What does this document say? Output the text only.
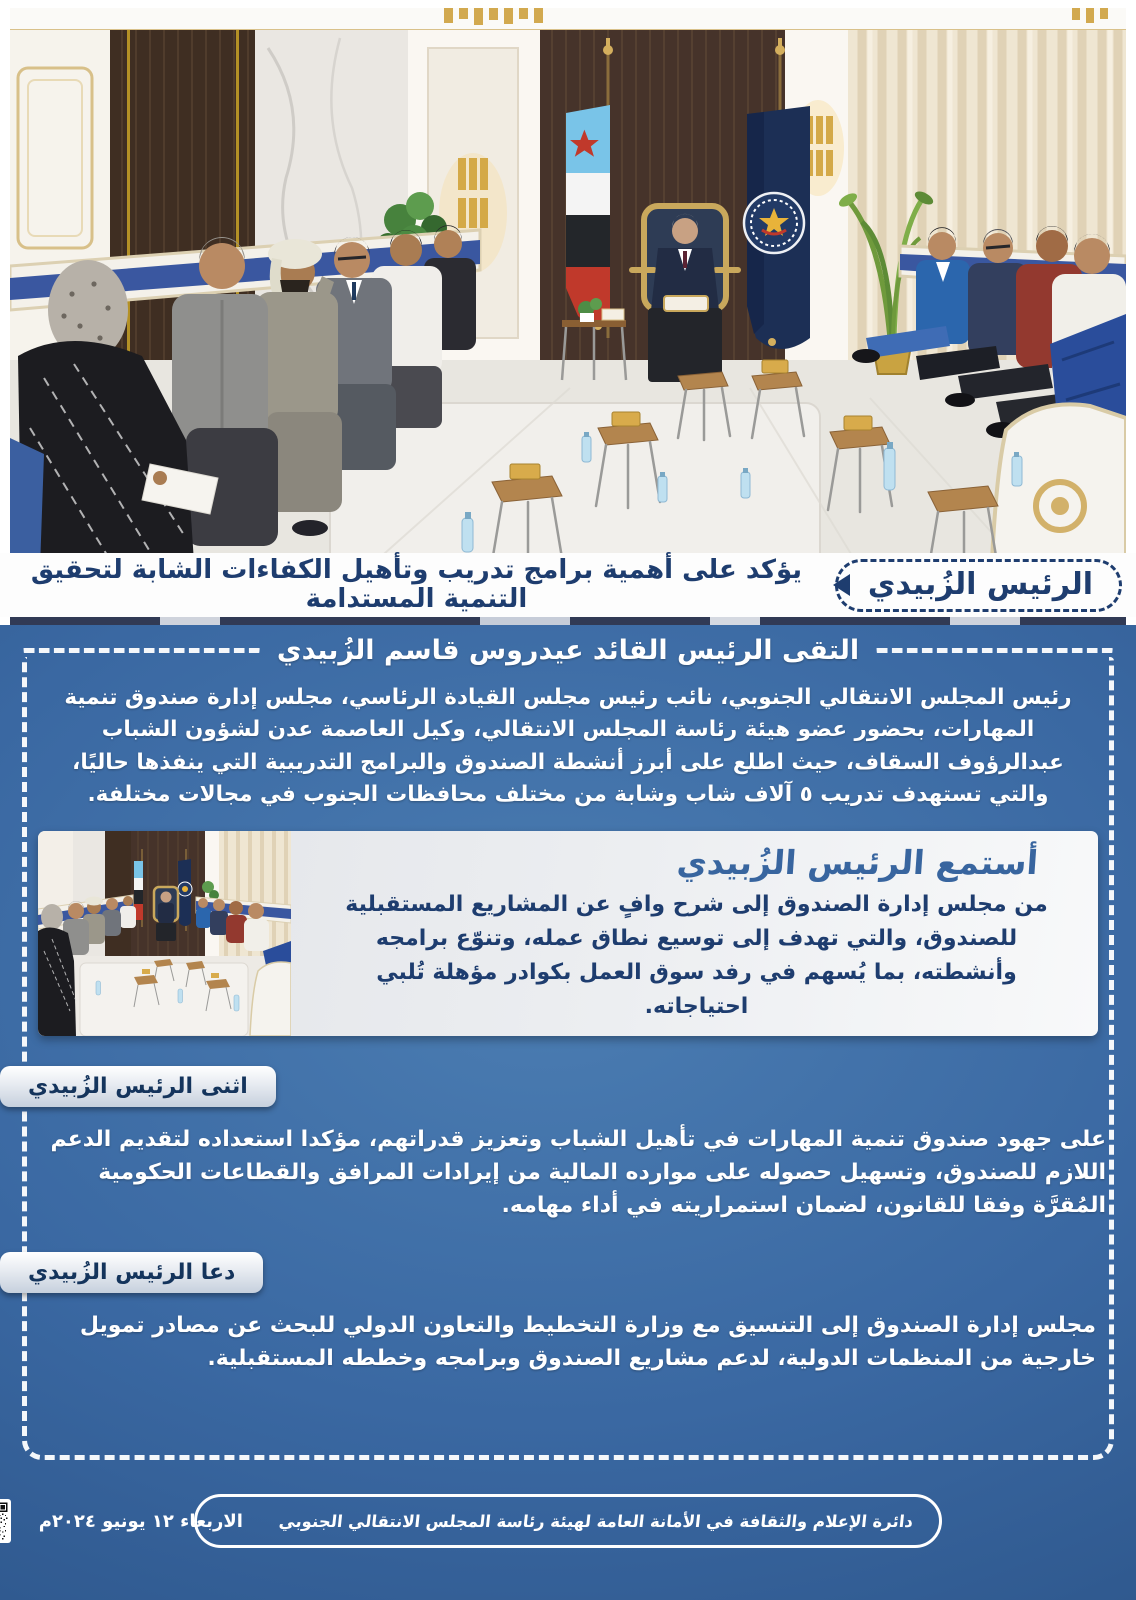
الرئيس الزُبيدي
يؤكد على أهمية برامج تدريب وتأهيل الكفاءات الشابة لتحقيق التنمية المستدامة
التقى الرئيس القائد عيدروس قاسم الزُبيدي

رئيس المجلس الانتقالي الجنوبي، نائب رئيس مجلس القيادة الرئاسي، مجلس إدارة صندوق تنمية المهارات، بحضور عضو هيئة رئاسة المجلس الانتقالي، وكيل العاصمة عدن لشؤون الشباب عبدالرؤوف السقاف، حيث اطلع على أبرز أنشطة الصندوق والبرامج التدريبية التي ينفذها حاليًا، والتي تستهدف تدريب ٥ آلاف شاب وشابة من مختلف محافظات الجنوب في مجالات مختلفة.

أستمع الرئيس الزُبيدي

من مجلس إدارة الصندوق إلى شرح وافٍ عن المشاريع المستقبلية للصندوق، والتي تهدف إلى توسيع نطاق عمله، وتنوّع برامجه وأنشطته، بما يُسهم في رفد سوق العمل بكوادر مؤهلة تُلبي احتياجاته.

اثنى الرئيس الزُبيدي

على جهود صندوق تنمية المهارات في تأهيل الشباب وتعزيز قدراتهم، مؤكدا استعداده لتقديم الدعم اللازم للصندوق، وتسهيل حصوله على موارده المالية من إيرادات المرافق والقطاعات الحكومية المُقرَّة وفقا للقانون، لضمان استمراريته في أداء مهامه.

دعا الرئيس الزُبيدي

مجلس إدارة الصندوق إلى التنسيق مع وزارة التخطيط والتعاون الدولي للبحث عن مصادر تمويل خارجية من المنظمات الدولية، لدعم مشاريع الصندوق وبرامجه وخططه المستقبلية.

دائرة الإعلام والثقافة في الأمانة العامة لهيئة رئاسة المجلس الانتقالي الجنوبي
الاربعاء ١٢ يونيو ٢٠٢٤م
